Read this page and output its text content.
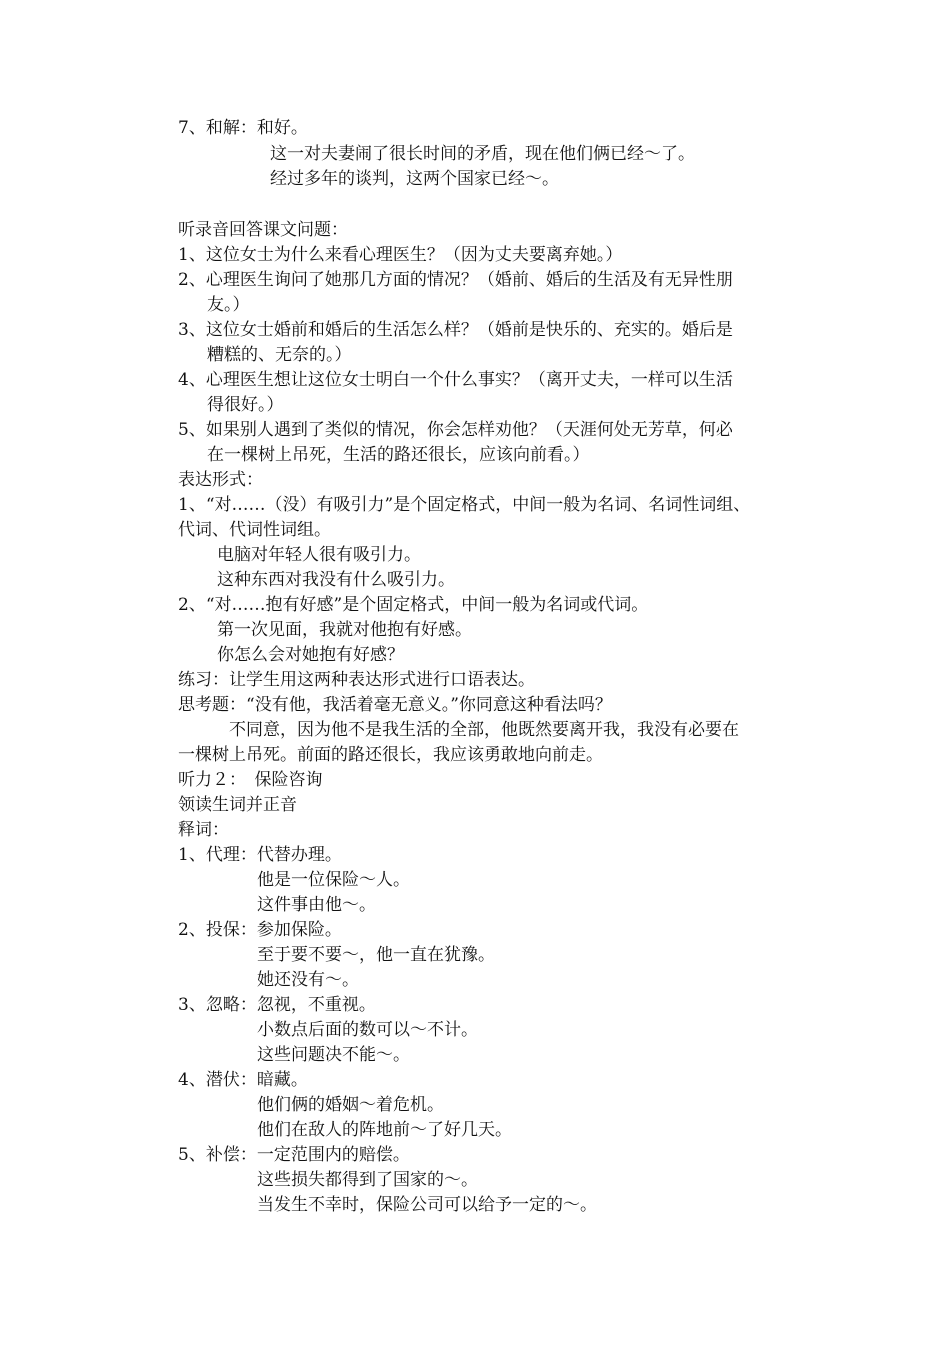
7、和解：和好。
这一对夫妻闹了很长时间的矛盾，现在他们俩已经～了。
经过多年的谈判，这两个国家已经～。
听录音回答课文问题：
1、这位女士为什么来看心理医生？（因为丈夫要离弃她。）
2、心理医生询问了她那几方面的情况？（婚前、婚后的生活及有无异性朋
友。）
3、这位女士婚前和婚后的生活怎么样？（婚前是快乐的、充实的。婚后是
糟糕的、无奈的。）
4、心理医生想让这位女士明白一个什么事实？（离开丈夫，一样可以生活
得很好。）
5、如果别人遇到了类似的情况，你会怎样劝他？（天涯何处无芳草，何必
在一棵树上吊死，生活的路还很长，应该向前看。）
表达形式：
1、“对……（没）有吸引力”是个固定格式，中间一般为名词、名词性词组、
代词、代词性词组。
电脑对年轻人很有吸引力。
这种东西对我没有什么吸引力。
2、“对……抱有好感”是个固定格式，中间一般为名词或代词。
第一次见面，我就对他抱有好感。
你怎么会对她抱有好感？
练习：让学生用这两种表达形式进行口语表达。
思考题：“没有他，我活着毫无意义。”你同意这种看法吗？
不同意，因为他不是我生活的全部，他既然要离开我，我没有必要在
一棵树上吊死。前面的路还很长，我应该勇敢地向前走。
听力２：　保险咨询
领读生词并正音
释词：
1、代理：代替办理。
他是一位保险～人。
这件事由他～。
2、投保：参加保险。
至于要不要～，他一直在犹豫。
她还没有～。
3、忽略：忽视，不重视。
小数点后面的数可以～不计。
这些问题决不能～。
4、潜伏：暗藏。
他们俩的婚姻～着危机。
他们在敌人的阵地前～了好几天。
5、补偿：一定范围内的赔偿。
这些损失都得到了国家的～。
当发生不幸时，保险公司可以给予一定的～。
